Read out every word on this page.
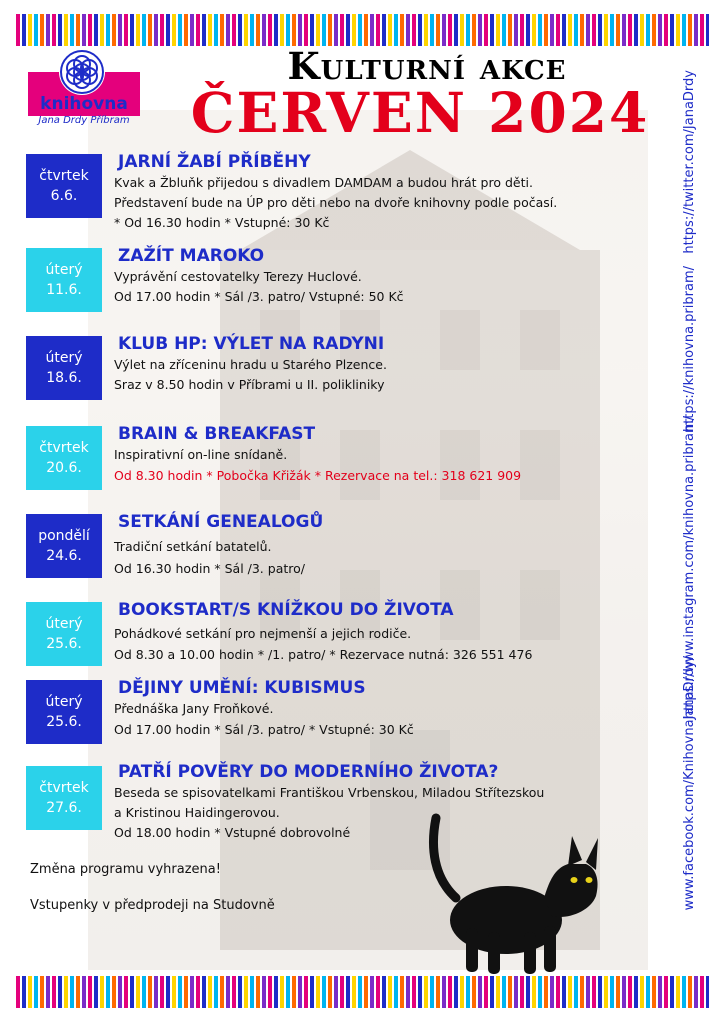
knihovna
Jana Drdy Příbram
Kulturní akce
ČERVEN 2024	https://twitter.com/JanaDrdy
https://knihovna.pribram/
https://www.instagram.com/knihovna.pribram/
www.facebook.com/KnihovnaJanaDrdy/
čtvrtek
6.6.
JARNÍ ŽABÍ PŘÍBĚHY
Kvak a Žbluňk přijedou s divadlem DAMDAM a budou hrát pro děti.
Představení bude na ÚP pro děti nebo na dvoře knihovny podle počasí.
* Od 16.30 hodin * Vstupné: 30 Kč
úterý
11.6.
ZAŽÍT MAROKO
Vyprávění cestovatelky Terezy Huclové.
Od 17.00 hodin * Sál /3. patro/ Vstupné: 50 Kč
úterý
18.6.
KLUB HP: VÝLET NA RADYNI
Výlet na zříceninu hradu u Starého Plzence.
Sraz v 8.50 hodin v Příbrami u II. polikliniky
čtvrtek
20.6.
BRAIN & BREAKFAST
Inspirativní on-line snídaně.
Od 8.30 hodin * Pobočka Křižák * Rezervace na tel.: 318 621 909
pondělí
24.6.
SETKÁNÍ GENEALOGŮ
Tradiční setkání batatelů.
Od 16.30 hodin * Sál /3. patro/
úterý
25.6.
BOOKSTART/S KNÍŽKOU DO ŽIVOTA
Pohádkové setkání pro nejmenší a jejich rodiče.
Od 8.30 a 10.00 hodin * /1. patro/ * Rezervace nutná: 326 551 476
úterý
25.6.
DĚJINY UMĚNÍ: KUBISMUS
Přednáška Jany Froňkové.
Od 17.00 hodin * Sál /3. patro/ * Vstupné: 30 Kč
čtvrtek
27.6.
PATŘÍ POVĚRY DO MODERNÍHO ŽIVOTA?
Beseda se spisovatelkami Františkou Vrbenskou, Miladou Střítezskou
a Kristinou Haidingerovou.
Od 18.00 hodin * Vstupné dobrovolné
Změna programu vyhrazena!
Vstupenky v předprodeji na Studovně
